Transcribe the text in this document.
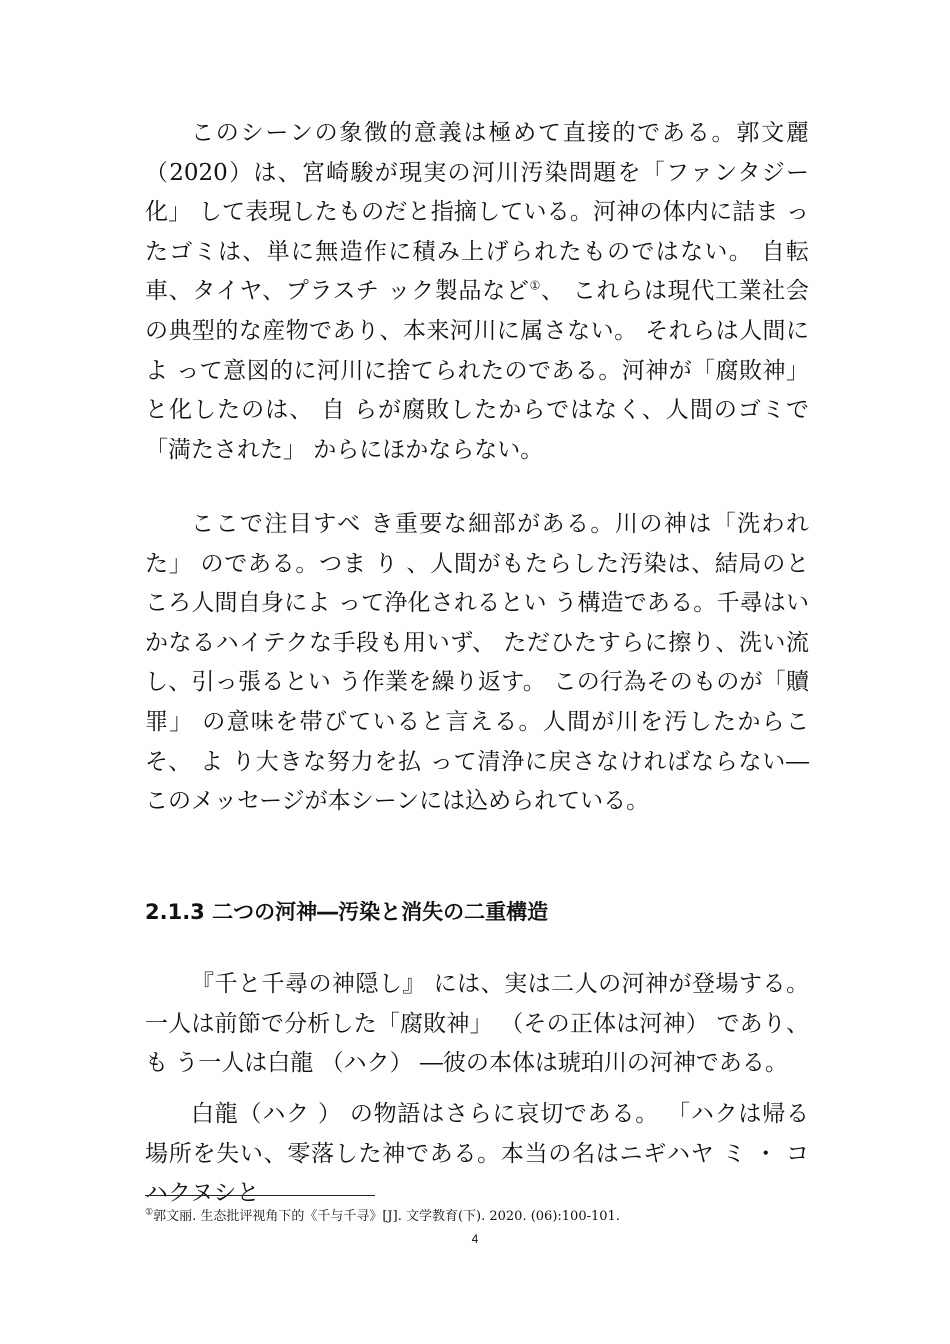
このシーンの象徴的意義は極めて直接的である。郭文麗（2020）は、宮崎駿が現実の河川汚染問題を「ファンタジー化」 して表現したものだと指摘している。河神の体内に詰ま ったゴミは、単に無造作に積み上げられたものではない。 自転車、タイヤ、プラスチ ック製品など①、 これらは現代工業社会の典型的な産物であり、本来河川に属さない。 それらは人間によ って意図的に河川に捨てられたのである。河神が「腐敗神」 と化したのは、 自 らが腐敗したからではなく、人間のゴミで「満たされた」 からにほかならない。

ここで注目すべ き重要な細部がある。川の神は「洗われた」 のである。つま り 、人間がもたらした汚染は、結局のと ころ人間自身によ って浄化されるとい う構造である。千尋はいかなるハイテクな手段も用いず、 ただひたすらに擦り、洗い流し、引っ張るとい う作業を繰り返す。 この行為そのものが「贖罪」 の意味を帯びていると言える。人間が川を汚したからこそ、 よ り大きな努力を払 って清浄に戻さなければならない―このメッセージが本シーンには込められている。

2.1.3 二つの河神―汚染と消失の二重構造

『千と千尋の神隠し』 には、実は二人の河神が登場する。一人は前節で分析した「腐敗神」 （その正体は河神） であり、 も う一人は白龍 （ハク） ―彼の本体は琥珀川の河神である。

白龍（ハク ） の物語はさらに哀切である。 「ハクは帰る場所を失い、零落した神である。本当の名はニギハヤ ミ ・ コハクヌシと

①郭文丽. 生态批评视角下的《千与千寻》[J]. 文学教育(下). 2020. (06):100-101.

4
